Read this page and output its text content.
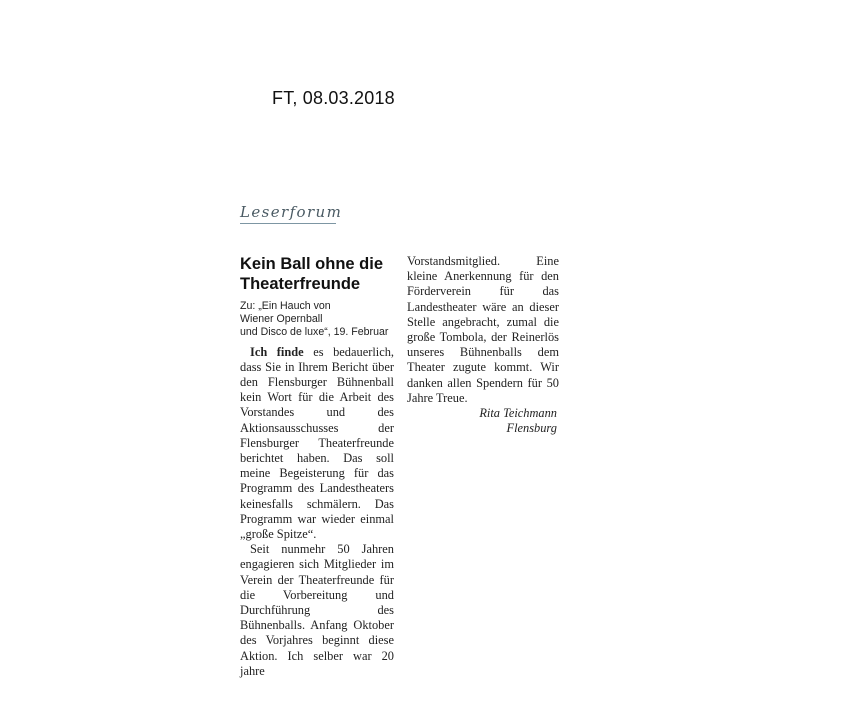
FT, 08.03.2018
Leserforum
Kein Ball ohne die Theaterfreunde
Zu: „Ein Hauch von
Wiener Opernball
und Disco de luxe“, 19. Februar

Ich finde es bedauerlich, dass Sie in Ihrem Bericht über den Flensburger Bühnenball kein Wort für die Arbeit des Vorstandes und des Aktionsausschusses der Flensburger Theaterfreunde berichtet haben. Das soll meine Begeisterung für das Programm des Landestheaters keinesfalls schmälern. Das Programm war wieder einmal „große Spitze“.

Seit nunmehr 50 Jahren engagieren sich Mitglieder im Verein der Theaterfreunde für die Vorbereitung und Durchführung des Bühnenballs. Anfang Oktober des Vorjahres beginnt diese Aktion. Ich selber war 20 jahre

Vorstandsmitglied. Eine kleine Anerkennung für den Förderverein für das Landestheater wäre an dieser Stelle angebracht, zumal die große Tombola, der Reinerlös unseres Bühnenballs dem Theater zugute kommt. Wir danken allen Spendern für 50 Jahre Treue.

Rita Teichmann

Flensburg
